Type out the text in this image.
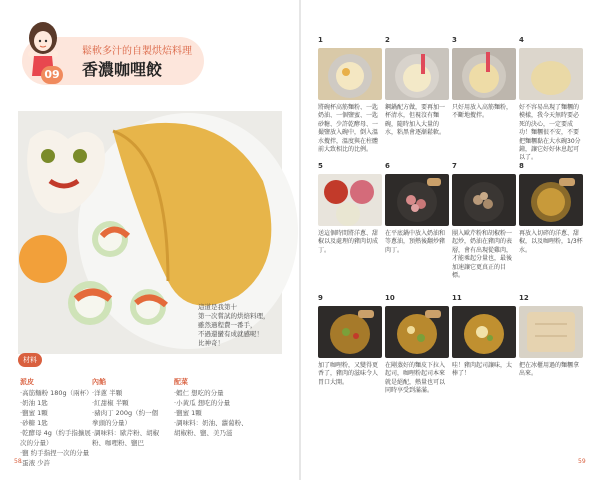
09
鬆軟多汁的自製烘焙料理
香濃咖哩餃
這道是我第十
第一次嘗試的烘焙料理，
雖然過程費一番手，
不過還蠻有成就感呢！
比神奇！
材料
派皮
‧高筋麵粉 180g（兩杯）
‧奶油 1匙
‧鹽蜜 1顆
‧砂糖 1匙
‧乾酵母 4g（約手指擴展
次的分量）
‧鹽 約手指捏一次的分量
‧蛋液 少許
內餡
‧洋蔥 半顆
‧紅甜椒 半顆
‧豬肉丁 200g（約一個
拳頭的分量）
‧調味料：歐芹粉、胡椒
粉、咖哩粉、鹽巴
配菜
‧蝦仁 想吃的分量
‧小黃瓜 想吃的分量
‧鹽蜜 1顆
‧調味料：奶油、蘿蔔粉、
胡椒粉、鹽、美乃滋
58	59
1
將碗杯高筋麵粉、一匙奶油、一個鹽蜜、一匙砂糖、少許乾酵母、一撮鹽放入碗中，倒入溫水攪拌，溫度與在柱體前大致相比的比例。
2
鋼鍋配方做，要再加一杯清水，但視沒有麵碗，隨時加入大量的水，粘黑會逐漸鬆軟。
3
只好用放入高筋麵粉，不斷地攪拌。
4
好不容易出現了麵糰的模樣，我今天無時要必死的決心，一定要成功！麵糰很不安，不要把麵糰黏在大水碗30分鐘，讓它好好休息起可以了。
5
送這個時間將洋蔥、甜椒以及處理的豬肉切成丁。
6
在平底鍋中放入奶油和等蔥油，預熱後翻炒豬肉丁。
7
團入歐芹粉和胡椒粉一起炒，奶油在豬肉的表層，會有出現從雞肉，才能乘起分量也，最後加速讓它更真正的目標。
8
再放入切碎的洋蔥、甜椒，以及咖哩粉，1/3杯水。
9
加了咖哩粉，又變得更香了，豬肉的滋味令人胃口大開。
10
在剛蒸好的麵皮下拉入起司，咖哩粉起司本來就是絕配，熱量也可以同時享受到滿滿。
11
哇！豬肉起司讓味，太棒了！
12
把在冰櫃用過的麵糰拿出來。
